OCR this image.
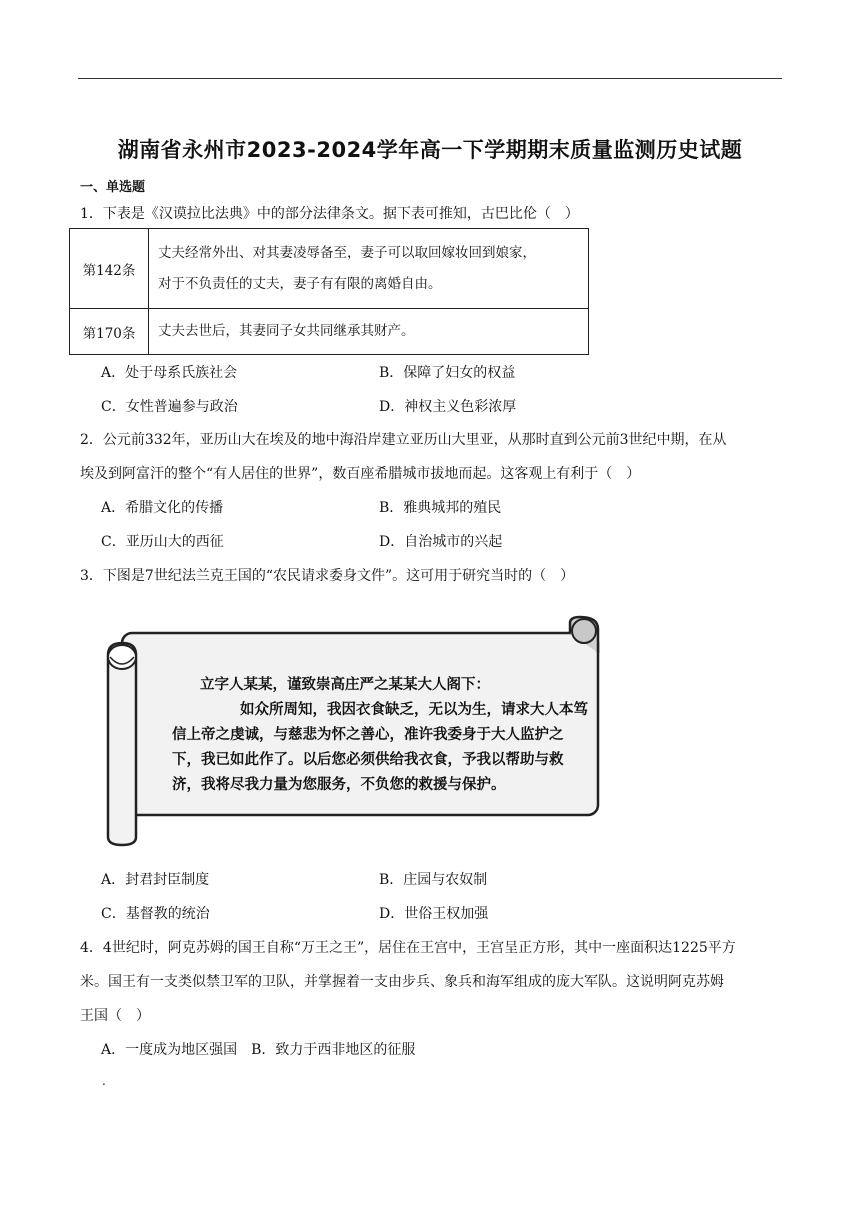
湖南省永州市2023-2024学年高一下学期期末质量监测历史试题
一、单选题
1．下表是《汉谟拉比法典》中的部分法律条文。据下表可推知，古巴比伦（　）
第142条	丈夫经常外出、对其妻凌辱备至，妻子可以取回嫁妆回到娘家，
对于不负责任的丈夫，妻子有有限的离婚自由。

第170条	丈夫去世后，其妻同子女共同继承其财产。
A．处于母系氏族社会	B．保障了妇女的权益
C．女性普遍参与政治	D．神权主义色彩浓厚
2．公元前332年，亚历山大在埃及的地中海沿岸建立亚历山大里亚，从那时直到公元前3世纪中期，在从
埃及到阿富汗的整个“有人居住的世界”，数百座希腊城市拔地而起。这客观上有利于（　）
A．希腊文化的传播	B．雅典城邦的殖民
C．亚历山大的西征	D．自治城市的兴起
3．下图是7世纪法兰克王国的“农民请求委身文件”。这可用于研究当时的（　）
立字人某某，谨致崇高庄严之某某大人阁下：
如众所周知，我因衣食缺乏，无以为生，请求大人本笃
信上帝之虔诚，与慈悲为怀之善心，准许我委身于大人监护之
下，我已如此作了。以后您必须供给我衣食，予我以帮助与救
济，我将尽我力量为您服务，不负您的救援与保护。
A．封君封臣制度	B．庄园与农奴制
C．基督教的统治	D．世俗王权加强
4．4世纪时，阿克苏姆的国王自称“万王之王”，居住在王宫中，王宫呈正方形，其中一座面积达1225平方
米。国王有一支类似禁卫军的卫队，并掌握着一支由步兵、象兵和海军组成的庞大军队。这说明阿克苏姆
王国（　）
A．一度成为地区强国　B．致力于西非地区的征服
.
